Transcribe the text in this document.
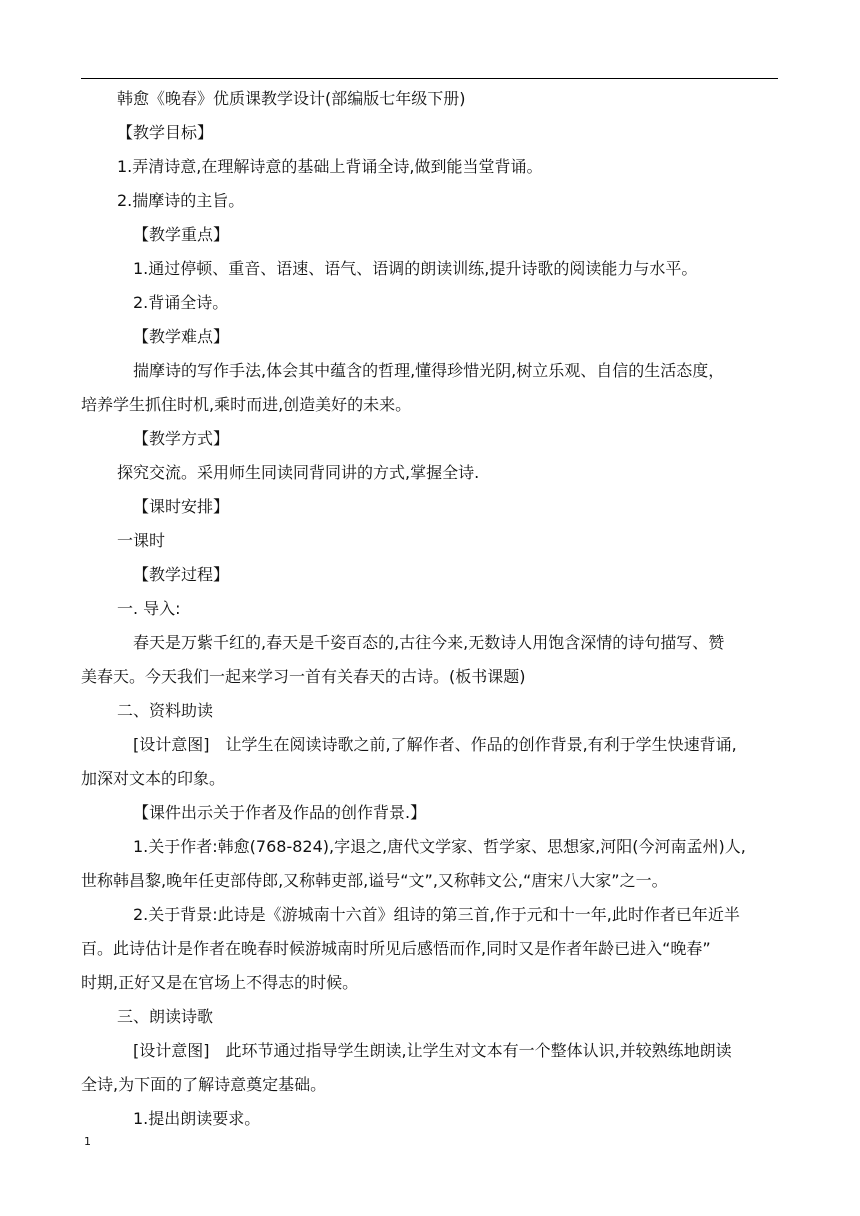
韩愈《晚春》优质课教学设计(部编版七年级下册)
【教学目标】
1.弄清诗意,在理解诗意的基础上背诵全诗,做到能当堂背诵。
2.揣摩诗的主旨。
【教学重点】
1.通过停顿、重音、语速、语气、语调的朗读训练,提升诗歌的阅读能力与水平。
2.背诵全诗。
【教学难点】
揣摩诗的写作手法,体会其中蕴含的哲理,懂得珍惜光阴,树立乐观、自信的生活态度，
培养学生抓住时机,乘时而进,创造美好的未来。
【教学方式】
探究交流。采用师生同读同背同讲的方式,掌握全诗.
【课时安排】
一课时
【教学过程】
一. 导入:
春天是万紫千红的,春天是千姿百态的,古往今来,无数诗人用饱含深情的诗句描写、赞
美春天。今天我们一起来学习一首有关春天的古诗。(板书课题)
二、资料助读
[设计意图]　让学生在阅读诗歌之前,了解作者、作品的创作背景,有利于学生快速背诵,
加深对文本的印象。
【课件出示关于作者及作品的创作背景.】
1.关于作者:韩愈(768-824),字退之,唐代文学家、哲学家、思想家,河阳(今河南孟州)人,
世称韩昌黎,晚年任吏部侍郎,又称韩吏部,谥号“文”,又称韩文公,“唐宋八大家”之一。
2.关于背景:此诗是《游城南十六首》组诗的第三首,作于元和十一年,此时作者已年近半
百。此诗估计是作者在晚春时候游城南时所见后感悟而作,同时又是作者年龄已进入“晚春”
时期,正好又是在官场上不得志的时候。
三、朗读诗歌
[设计意图]　此环节通过指导学生朗读,让学生对文本有一个整体认识,并较熟练地朗读
全诗,为下面的了解诗意奠定基础。
1.提出朗读要求。
1
